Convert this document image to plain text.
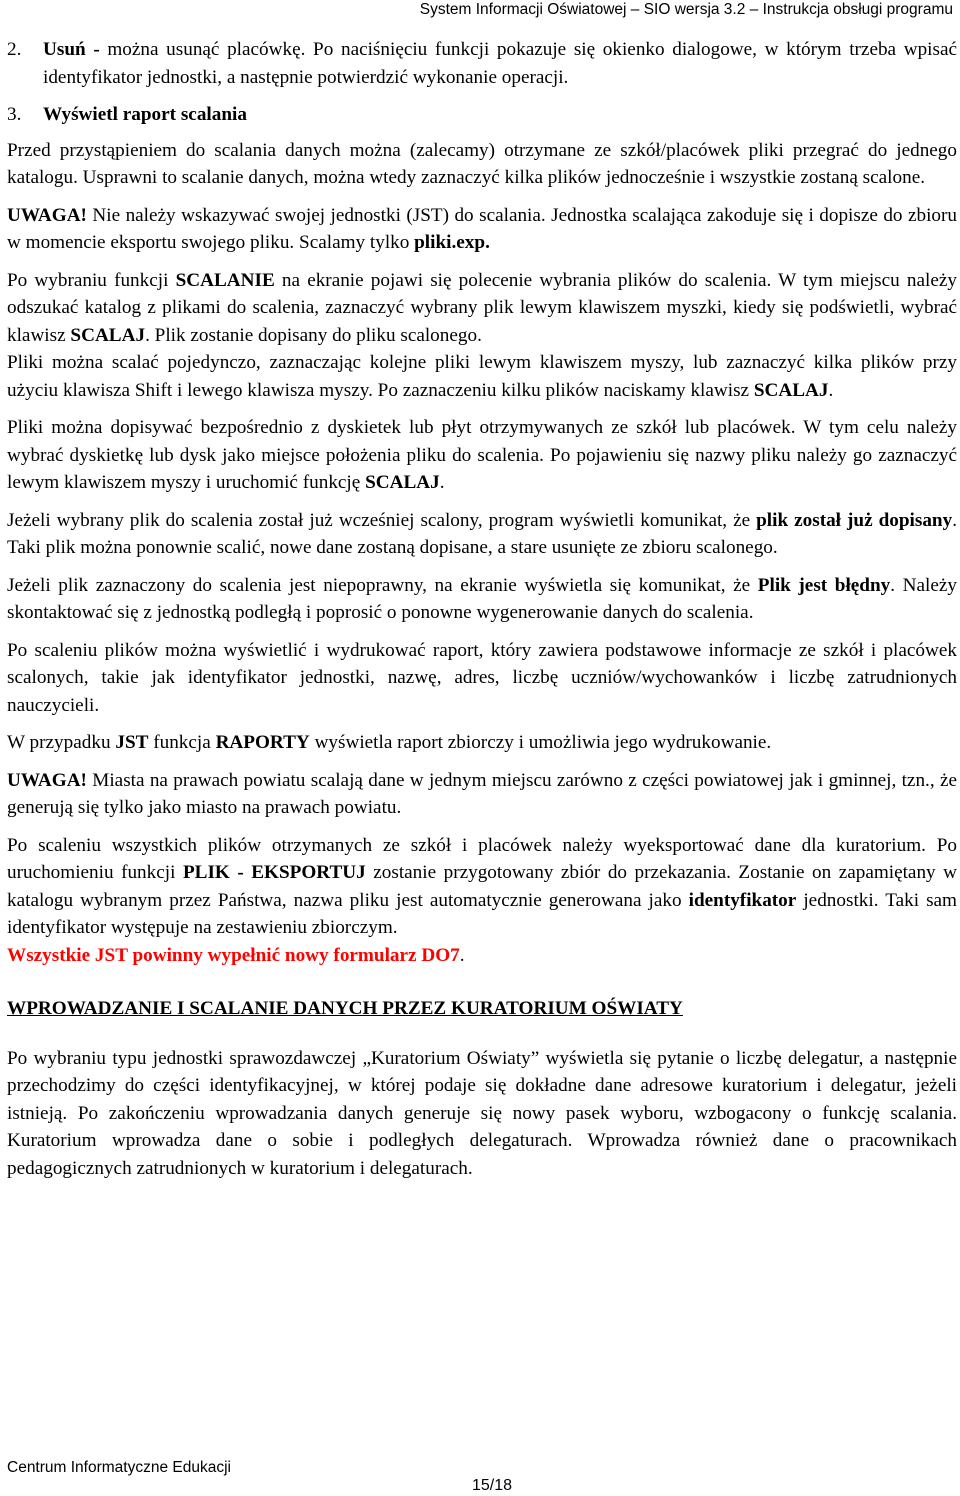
System Informacji Oświatowej – SIO wersja 3.2 – Instrukcja obsługi programu

2. Usuń - można usunąć placówkę. Po naciśnięciu funkcji pokazuje się okienko dialogowe, w którym trzeba wpisać identyfikator jednostki, a następnie potwierdzić wykonanie operacji.

3. Wyświetl raport scalania

Przed przystąpieniem do scalania danych można (zalecamy) otrzymane ze szkół/placówek pliki przegrać do jednego katalogu. Usprawni to scalanie danych, można wtedy zaznaczyć kilka plików jednocześnie i wszystkie zostaną scalone.

UWAGA! Nie należy wskazywać swojej jednostki (JST) do scalania. Jednostka scalająca zakoduje się i dopisze do zbioru w momencie eksportu swojego pliku. Scalamy tylko pliki.exp.

Po wybraniu funkcji SCALANIE na ekranie pojawi się polecenie wybrania plików do scalenia. W tym miejscu należy odszukać katalog z plikami do scalenia, zaznaczyć wybrany plik lewym klawiszem myszki, kiedy się podświetli, wybrać klawisz SCALAJ. Plik zostanie dopisany do pliku scalonego.

Pliki można scalać pojedynczo, zaznaczając kolejne pliki lewym klawiszem myszy, lub zaznaczyć kilka plików przy użyciu klawisza Shift i lewego klawisza myszy. Po zaznaczeniu kilku plików naciskamy klawisz SCALAJ.

Pliki można dopisywać bezpośrednio z dyskietek lub płyt otrzymywanych ze szkół lub placówek. W tym celu należy wybrać dyskietkę lub dysk jako miejsce położenia pliku do scalenia. Po pojawieniu się nazwy pliku należy go zaznaczyć lewym klawiszem myszy i uruchomić funkcję SCALAJ.

Jeżeli wybrany plik do scalenia został już wcześniej scalony, program wyświetli komunikat, że plik został już dopisany. Taki plik można ponownie scalić, nowe dane zostaną dopisane, a stare usunięte ze zbioru scalonego.

Jeżeli plik zaznaczony do scalenia jest niepoprawny, na ekranie wyświetla się komunikat, że Plik jest błędny. Należy skontaktować się z jednostką podległą i poprosić o ponowne wygenerowanie danych do scalenia.

Po scaleniu plików można wyświetlić i wydrukować raport, który zawiera podstawowe informacje ze szkół i placówek scalonych, takie jak identyfikator jednostki, nazwę, adres, liczbę uczniów/wychowanków i liczbę zatrudnionych nauczycieli.

W przypadku JST funkcja RAPORTY wyświetla raport zbiorczy i umożliwia jego wydrukowanie.

UWAGA! Miasta na prawach powiatu scalają dane w jednym miejscu zarówno z części powiatowej jak i gminnej, tzn., że generują się tylko jako miasto na prawach powiatu.

Po scaleniu wszystkich plików otrzymanych ze szkół i placówek należy wyeksportować dane dla kuratorium. Po uruchomieniu funkcji PLIK - EKSPORTUJ zostanie przygotowany zbiór do przekazania. Zostanie on zapamiętany w katalogu wybranym przez Państwa, nazwa pliku jest automatycznie generowana jako identyfikator jednostki. Taki sam identyfikator występuje na zestawieniu zbiorczym.

Wszystkie JST powinny wypełnić nowy formularz DO7.

WPROWADZANIE I SCALANIE DANYCH PRZEZ KURATORIUM OŚWIATY

Po wybraniu typu jednostki sprawozdawczej „Kuratorium Oświaty” wyświetla się pytanie o liczbę delegatur, a następnie przechodzimy do części identyfikacyjnej, w której podaje się dokładne dane adresowe kuratorium i delegatur, jeżeli istnieją. Po zakończeniu wprowadzania danych generuje się nowy pasek wyboru, wzbogacony o funkcję scalania. Kuratorium wprowadza dane o sobie i podległych delegaturach. Wprowadza również dane o pracownikach pedagogicznych zatrudnionych w kuratorium i delegaturach.

Centrum Informatyczne Edukacji
15/18
